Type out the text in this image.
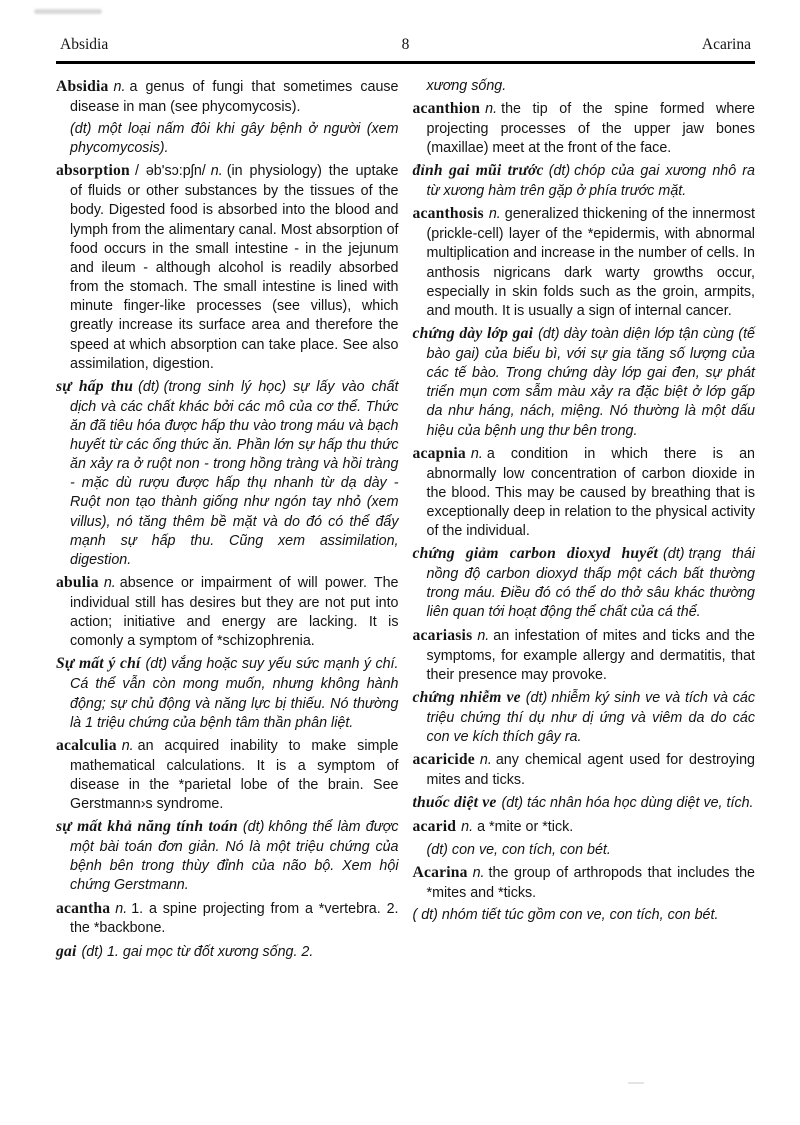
Absidia	8	Acarina

Absidia n. a genus of fungi that sometimes cause disease in man (see phycomycosis).

(dt) một loại nấm đôi khi gây bệnh ở người (xem phycomycosis).

absorption / əb'sɔ:pʃn/ n. (in physiology) the uptake of fluids or other substances by the tissues of the body. Digested food is absorbed into the blood and lymph from the alimentary canal. Most absorption of food occurs in the small intestine - in the jejunum and ileum - although alcohol is readily absorbed from the stomach. The small intestine is lined with minute finger-like processes (see villus), which greatly increase its surface area and therefore the speed at which absorption can take place. See also assimilation, digestion.

sự hấp thu (dt) (trong sinh lý học) sự lấy vào chất dịch và các chất khác bởi các mô của cơ thể. Thức ăn đã tiêu hóa được hấp thu vào trong máu và bạch huyết từ các ống thức ăn. Phần lớn sự hấp thu thức ăn xảy ra ở ruột non - trong hồng tràng và hồi tràng - mặc dù rượu được hấp thụ nhanh từ dạ dày - Ruột non tạo thành giống như ngón tay nhỏ (xem villus), nó tăng thêm bề mặt và do đó có thể đẩy mạnh sự hấp thu. Cũng xem assimilation, digestion.

abulia n. absence or impairment of will power. The individual still has desires but they are not put into action; initiative and energy are lacking. It is comonly a symptom of *schizophrenia.

Sự mất ý chí (dt) vắng hoặc suy yếu sức mạnh ý chí. Cá thể vẫn còn mong muốn, nhưng không hành động; sự chủ động và năng lực bị thiếu. Nó thường là 1 triệu chứng của bệnh tâm thần phân liệt.

acalculia n. an acquired inability to make simple mathematical calculations. It is a symptom of disease in the *parietal lobe of the brain. See Gerstmann›s syndrome.

sự mất khả năng tính toán (dt) không thể làm được một bài toán đơn giản. Nó là một triệu chứng của bệnh bên trong thùy đỉnh của não bộ. Xem hội chứng Gerstmann.

acantha n. 1. a spine projecting from a *vertebra. 2. the *backbone.

gai (dt) 1. gai mọc từ đốt xương sống. 2.

xương sống.

acanthion n. the tip of the spine formed where projecting processes of the upper jaw bones (maxillae) meet at the front of the face.

đỉnh gai mũi trước (dt) chóp của gai xương nhô ra từ xương hàm trên gặp ở phía trước mặt.

acanthosis n. generalized thickening of the innermost (prickle-cell) layer of the *epidermis, with abnormal multiplication and increase in the number of cells. In anthosis nigricans dark warty growths occur, especially in skin folds such as the groin, armpits, and mouth. It is usually a sign of internal cancer.

chứng dày lớp gai (dt) dày toàn diện lớp tận cùng (tế bào gai) của biểu bì, với sự gia tăng số lượng của các tế bào. Trong chứng dày lớp gai đen, sự phát triển mụn cơm sẫm màu xảy ra đặc biệt ở lớp gấp da như háng, nách, miệng. Nó thường là một dấu hiệu của bệnh ung thư bên trong.

acapnia n. a condition in which there is an abnormally low concentration of carbon dioxide in the blood. This may be caused by breathing that is exceptionally deep in relation to the physical activity of the individual.

chứng giảm carbon dioxyd huyết (dt) trạng thái nồng độ carbon dioxyd thấp một cách bất thường trong máu. Điều đó có thể do thở sâu khác thường liên quan tới hoạt động thể chất của cá thể.

acariasis n. an infestation of mites and ticks and the symptoms, for example allergy and dermatitis, that their presence may provoke.

chứng nhiễm ve (dt) nhiễm ký sinh ve và tích và các triệu chứng thí dụ như dị ứng và viêm da do các con ve kích thích gây ra.

acaricide n. any chemical agent used for destroying mites and ticks.

thuốc diệt ve (dt) tác nhân hóa học dùng diệt ve, tích.

acarid n. a *mite or *tick.

(dt) con ve, con tích, con bét.

Acarina n. the group of arthropods that includes the *mites and *ticks.

( dt) nhóm tiết túc gồm con ve, con tích, con bét.
